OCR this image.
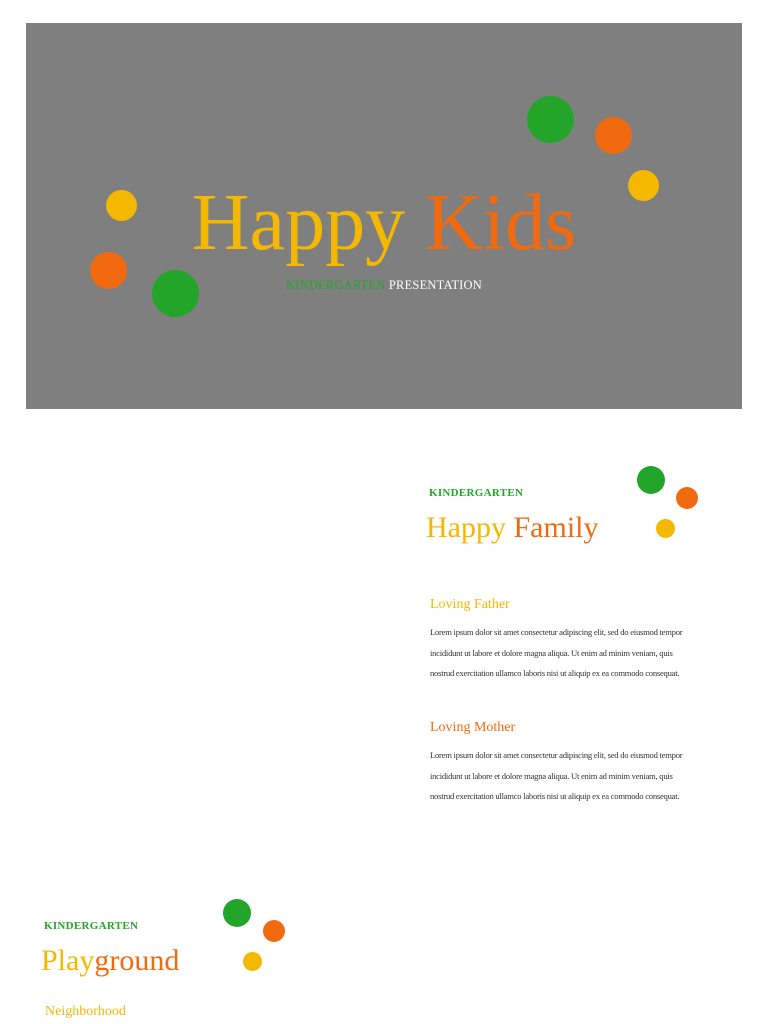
Happy Kids
KINDERGARTEN PRESENTATION
KINDERGARTEN
Happy Family
Loving Father
Lorem ipsum dolor sit amet consectetur adipiscing elit, sed do eiusmod tempor
incididunt ut labore et dolore magna aliqua. Ut enim ad minim veniam, quis
nostrud exercitation ullamco laboris nisi ut aliquip ex ea commodo consequat.
Loving Mother
Lorem ipsum dolor sit amet consectetur adipiscing elit, sed do eiusmod tempor
incididunt ut labore et dolore magna aliqua. Ut enim ad minim veniam, quis
nostrud exercitation ullamco laboris nisi ut aliquip ex ea commodo consequat.
KINDERGARTEN
Playground
Neighborhood
